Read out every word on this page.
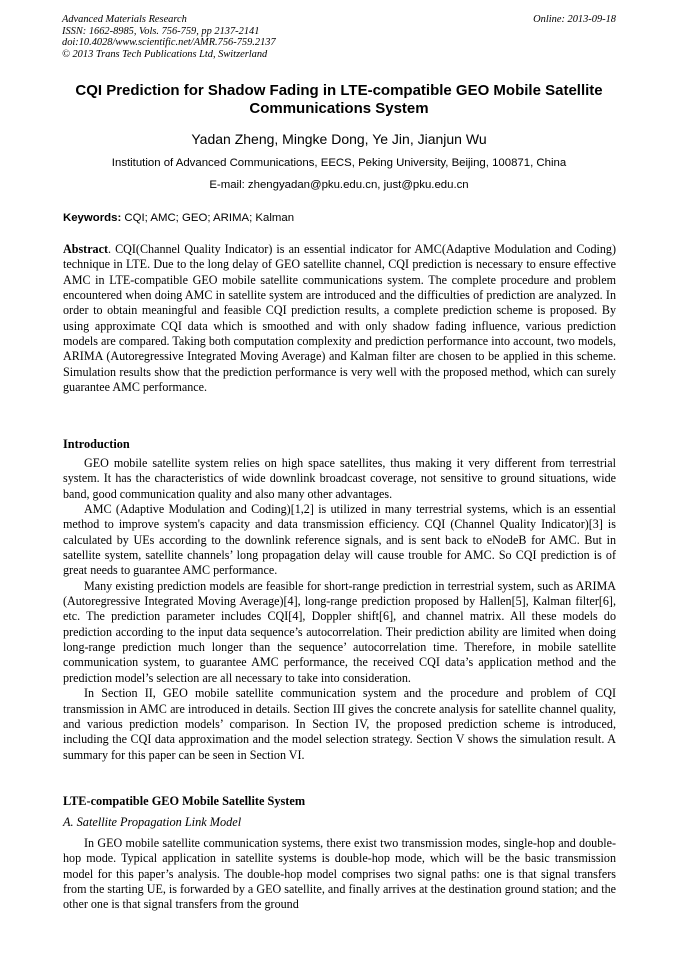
Advanced Materials Research
ISSN: 1662-8985, Vols. 756-759, pp 2137-2141
doi:10.4028/www.scientific.net/AMR.756-759.2137
© 2013 Trans Tech Publications Ltd, Switzerland
Online: 2013-09-18
CQI Prediction for Shadow Fading in LTE-compatible GEO Mobile Satellite Communications System
Yadan Zheng, Mingke Dong, Ye Jin, Jianjun Wu
Institution of Advanced Communications, EECS, Peking University, Beijing, 100871, China
E-mail: zhengyadan@pku.edu.cn, just@pku.edu.cn
Keywords: CQI; AMC; GEO; ARIMA; Kalman

Abstract. CQI(Channel Quality Indicator) is an essential indicator for AMC(Adaptive Modulation and Coding) technique in LTE. Due to the long delay of GEO satellite channel, CQI prediction is necessary to ensure effective AMC in LTE-compatible GEO mobile satellite communications system. The complete procedure and problem encountered when doing AMC in satellite system are introduced and the difficulties of prediction are analyzed. In order to obtain meaningful and feasible CQI prediction results, a complete prediction scheme is proposed. By using approximate CQI data which is smoothed and with only shadow fading influence, various prediction models are compared. Taking both computation complexity and prediction performance into account, two models, ARIMA (Autoregressive Integrated Moving Average) and Kalman filter are chosen to be applied in this scheme. Simulation results show that the prediction performance is very well with the proposed method, which can surely guarantee AMC performance.

Introduction

GEO mobile satellite system relies on high space satellites, thus making it very different from terrestrial system. It has the characteristics of wide downlink broadcast coverage, not sensitive to ground situations, wide band, good communication quality and also many other advantages.

AMC (Adaptive Modulation and Coding)[1,2] is utilized in many terrestrial systems, which is an essential method to improve system's capacity and data transmission efficiency. CQI (Channel Quality Indicator)[3] is calculated by UEs according to the downlink reference signals, and is sent back to eNodeB for AMC. But in satellite system, satellite channels’ long propagation delay will cause trouble for AMC. So CQI prediction is of great needs to guarantee AMC performance.

Many existing prediction models are feasible for short-range prediction in terrestrial system, such as ARIMA (Autoregressive Integrated Moving Average)[4], long-range prediction proposed by Hallen[5], Kalman filter[6], etc. The prediction parameter includes CQI[4], Doppler shift[6], and channel matrix. All these models do prediction according to the input data sequence’s autocorrelation. Their prediction ability are limited when doing long-range prediction much longer than the sequence’ autocorrelation time. Therefore, in mobile satellite communication system, to guarantee AMC performance, the received CQI data’s application method and the prediction model’s selection are all necessary to take into consideration.

In Section II, GEO mobile satellite communication system and the procedure and problem of CQI transmission in AMC are introduced in details. Section III gives the concrete analysis for satellite channel quality, and various prediction models’ comparison. In Section IV, the proposed prediction scheme is introduced, including the CQI data approximation and the model selection strategy. Section V shows the simulation result. A summary for this paper can be seen in Section VI.

LTE-compatible GEO Mobile Satellite System
A. Satellite Propagation Link Model

In GEO mobile satellite communication systems, there exist two transmission modes, single-hop and double-hop mode. Typical application in satellite systems is double-hop mode, which will be the basic transmission model for this paper’s analysis. The double-hop model comprises two signal paths: one is that signal transfers from the starting UE, is forwarded by a GEO satellite, and finally arrives at the destination ground station; and the other one is that signal transfers from the ground
